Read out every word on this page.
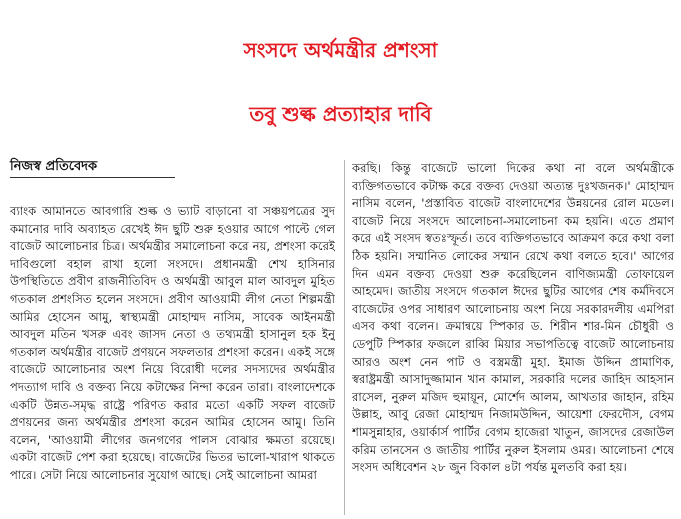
সংসদে অর্থমন্ত্রীর প্রশংসা
তবু শুল্ক প্রত্যাহার দাবি
নিজস্ব প্রতিবেদক
ব্যাংক আমানতে আবগারি শুল্ক ও ভ্যাট বাড়ানো বা সঞ্চয়পত্রের সুদ কমানোর দাবি অব্যাহত রেখেই ঈদ ছুটি শুরু হওয়ার আগে পাল্টে গেল বাজেট আলোচনার চিত্র। অর্থমন্ত্রীর সমালোচনা করে নয়, প্রশংসা করেই দাবিগুলো বহাল রাখা হলো সংসদে। প্রধানমন্ত্রী শেখ হাসিনার উপস্থিতিতে প্রবীণ রাজনীতিবিদ ও অর্থমন্ত্রী আবুল মাল আবদুল মুহিত গতকাল প্রশংসিত হলেন সংসদে। প্রবীণ আওয়ামী লীগ নেতা শিল্পমন্ত্রী আমির হোসেন আমু, স্বাস্থ্যমন্ত্রী মোহাম্মদ নাসিম, সাবেক আইনমন্ত্রী আবদুল মতিন খসরু এবং জাসদ নেতা ও তথ্যমন্ত্রী হাসানুল হক ইনু গতকাল অর্থমন্ত্রীর বাজেট প্রণয়নে সফলতার প্রশংসা করেন। একই সঙ্গে বাজেটে আলোচনার অংশ নিয়ে বিরোধী দলের সদস্যদের অর্থমন্ত্রীর পদত্যাগ দাবি ও বক্তব্য নিয়ে কটাক্ষের নিন্দা করেন তারা। বাংলাদেশকে একটি উন্নত-সমৃদ্ধ রাষ্ট্রে পরিণত করার মতো একটি সফল বাজেট প্রণয়নের জন্য অর্থমন্ত্রীর প্রশংসা করেন আমির হোসেন আমু। তিনি বলেন, 'আওয়ামী লীগের জনগণের পালস বোঝার ক্ষমতা রয়েছে। একটা বাজেট পেশ করা হয়েছে। বাজেটের ভিতর ভালো-খারাপ থাকতে পারে। সেটা নিয়ে আলোচনার সুযোগ আছে। সেই আলোচনা আমরা
করছি। কিন্তু বাজেটে ভালো দিকের কথা না বলে অর্থমন্ত্রীকে ব্যক্তিগতভাবে কটাক্ষ করে বক্তব্য দেওয়া অত্যন্ত দুঃখজনক।' মোহাম্মদ নাসিম বলেন, 'প্রস্তাবিত বাজেট বাংলাদেশের উন্নয়নের রোল মডেল। বাজেট নিয়ে সংসদে আলোচনা-সমালোচনা কম হয়নি। এতে প্রমাণ করে এই সংসদ স্বতঃস্ফূর্ত। তবে ব্যক্তিগতভাবে আক্রমণ করে কথা বলা ঠিক হয়নি। সম্মানিত লোকের সম্মান রেখে কথা বলতে হবে।' আগের দিন এমন বক্তব্য দেওয়া শুরু করেছিলেন বাণিজ্যমন্ত্রী তোফায়েল আহমেদ। জাতীয় সংসদে গতকাল ঈদের ছুটির আগের শেষ কর্মদিবসে বাজেটের ওপর সাধারণ আলোচনায় অংশ নিয়ে সরকারদলীয় এমপিরা এসব কথা বলেন। ক্রমান্বয়ে স্পিকার ড. শিরীন শার-মিন চৌধুরী ও ডেপুটি স্পিকার ফজলে রাব্বি মিয়ার সভাপতিত্বে বাজেট আলোচনায় আরও অংশ নেন পাট ও বস্ত্রমন্ত্রী মুহা. ইমাজ উদ্দিন প্রামাণিক, স্বরাষ্ট্রমন্ত্রী আসাদুজ্জামান খান কামাল, সরকারি দলের জাহিদ আহসান রাসেল, নুরুল মজিদ হুমায়ূন, মোর্শেদ আলম, আখতার জাহান, রহিম উল্লাহ, আবু রেজা মোহাম্মদ নিজামউদ্দিন, আয়েশা ফেরদৌস, বেগম শামসুন্নাহার, ওয়ার্কার্স পার্টির বেগম হাজেরা খাতুন, জাসদের রেজাউল করিম তানসেন ও জাতীয় পার্টির নুরুল ইসলাম ওমর। আলোচনা শেষে সংসদ অধিবেশন ২৮ জুন বিকাল ৪টা পর্যন্ত মুলতবি করা হয়।
